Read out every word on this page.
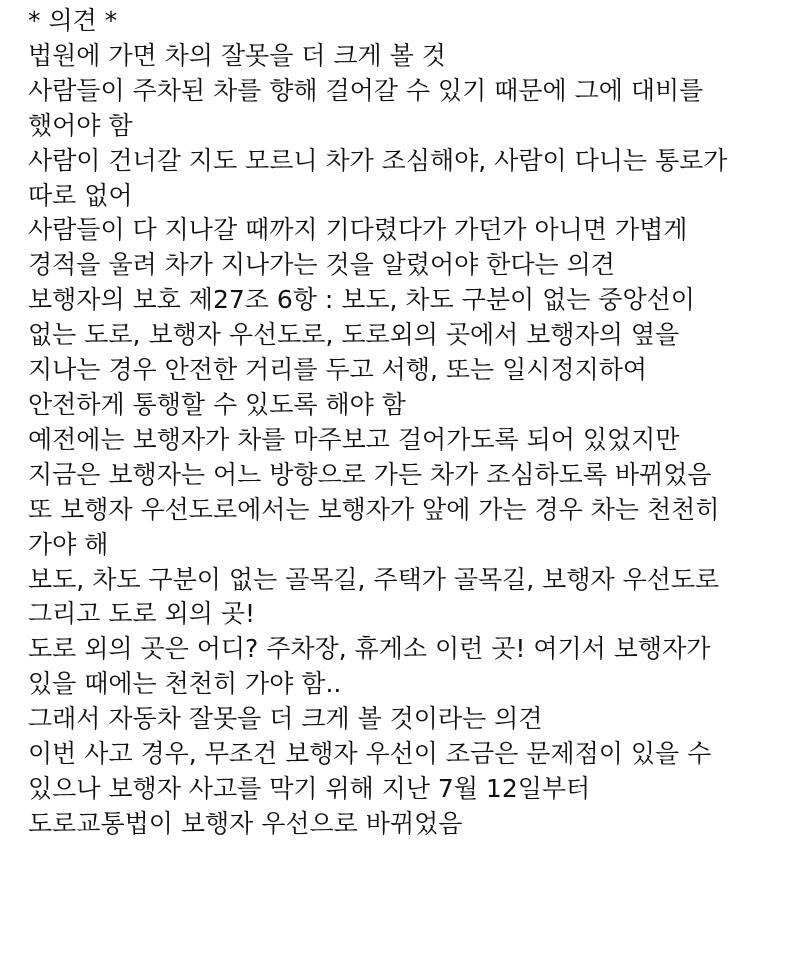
* 의견 *
법원에 가면 차의 잘못을 더 크게 볼 것
사람들이 주차된 차를 향해 걸어갈 수 있기 때문에 그에 대비를
했어야 함
사람이 건너갈 지도 모르니 차가 조심해야, 사람이 다니는 통로가
따로 없어
사람들이 다 지나갈 때까지 기다렸다가 가던가 아니면 가볍게
경적을 울려 차가 지나가는 것을 알렸어야 한다는 의견
보행자의 보호 제27조 6항 : 보도, 차도 구분이 없는 중앙선이
없는 도로, 보행자 우선도로, 도로외의 곳에서 보행자의 옆을
지나는 경우 안전한 거리를 두고 서행, 또는 일시정지하여
안전하게 통행할 수 있도록 해야 함
예전에는 보행자가 차를 마주보고 걸어가도록 되어 있었지만
지금은 보행자는 어느 방향으로 가든 차가 조심하도록 바뀌었음
또 보행자 우선도로에서는 보행자가 앞에 가는 경우 차는 천천히
가야 해
보도, 차도 구분이 없는 골목길, 주택가 골목길, 보행자 우선도로
그리고 도로 외의 곳!
도로 외의 곳은 어디? 주차장, 휴게소 이런 곳! 여기서 보행자가
있을 때에는 천천히 가야 함..
그래서 자동차 잘못을 더 크게 볼 것이라는 의견
이번 사고 경우, 무조건 보행자 우선이 조금은 문제점이 있을 수
있으나 보행자 사고를 막기 위해 지난 7월 12일부터
도로교통법이 보행자 우선으로 바뀌었음
